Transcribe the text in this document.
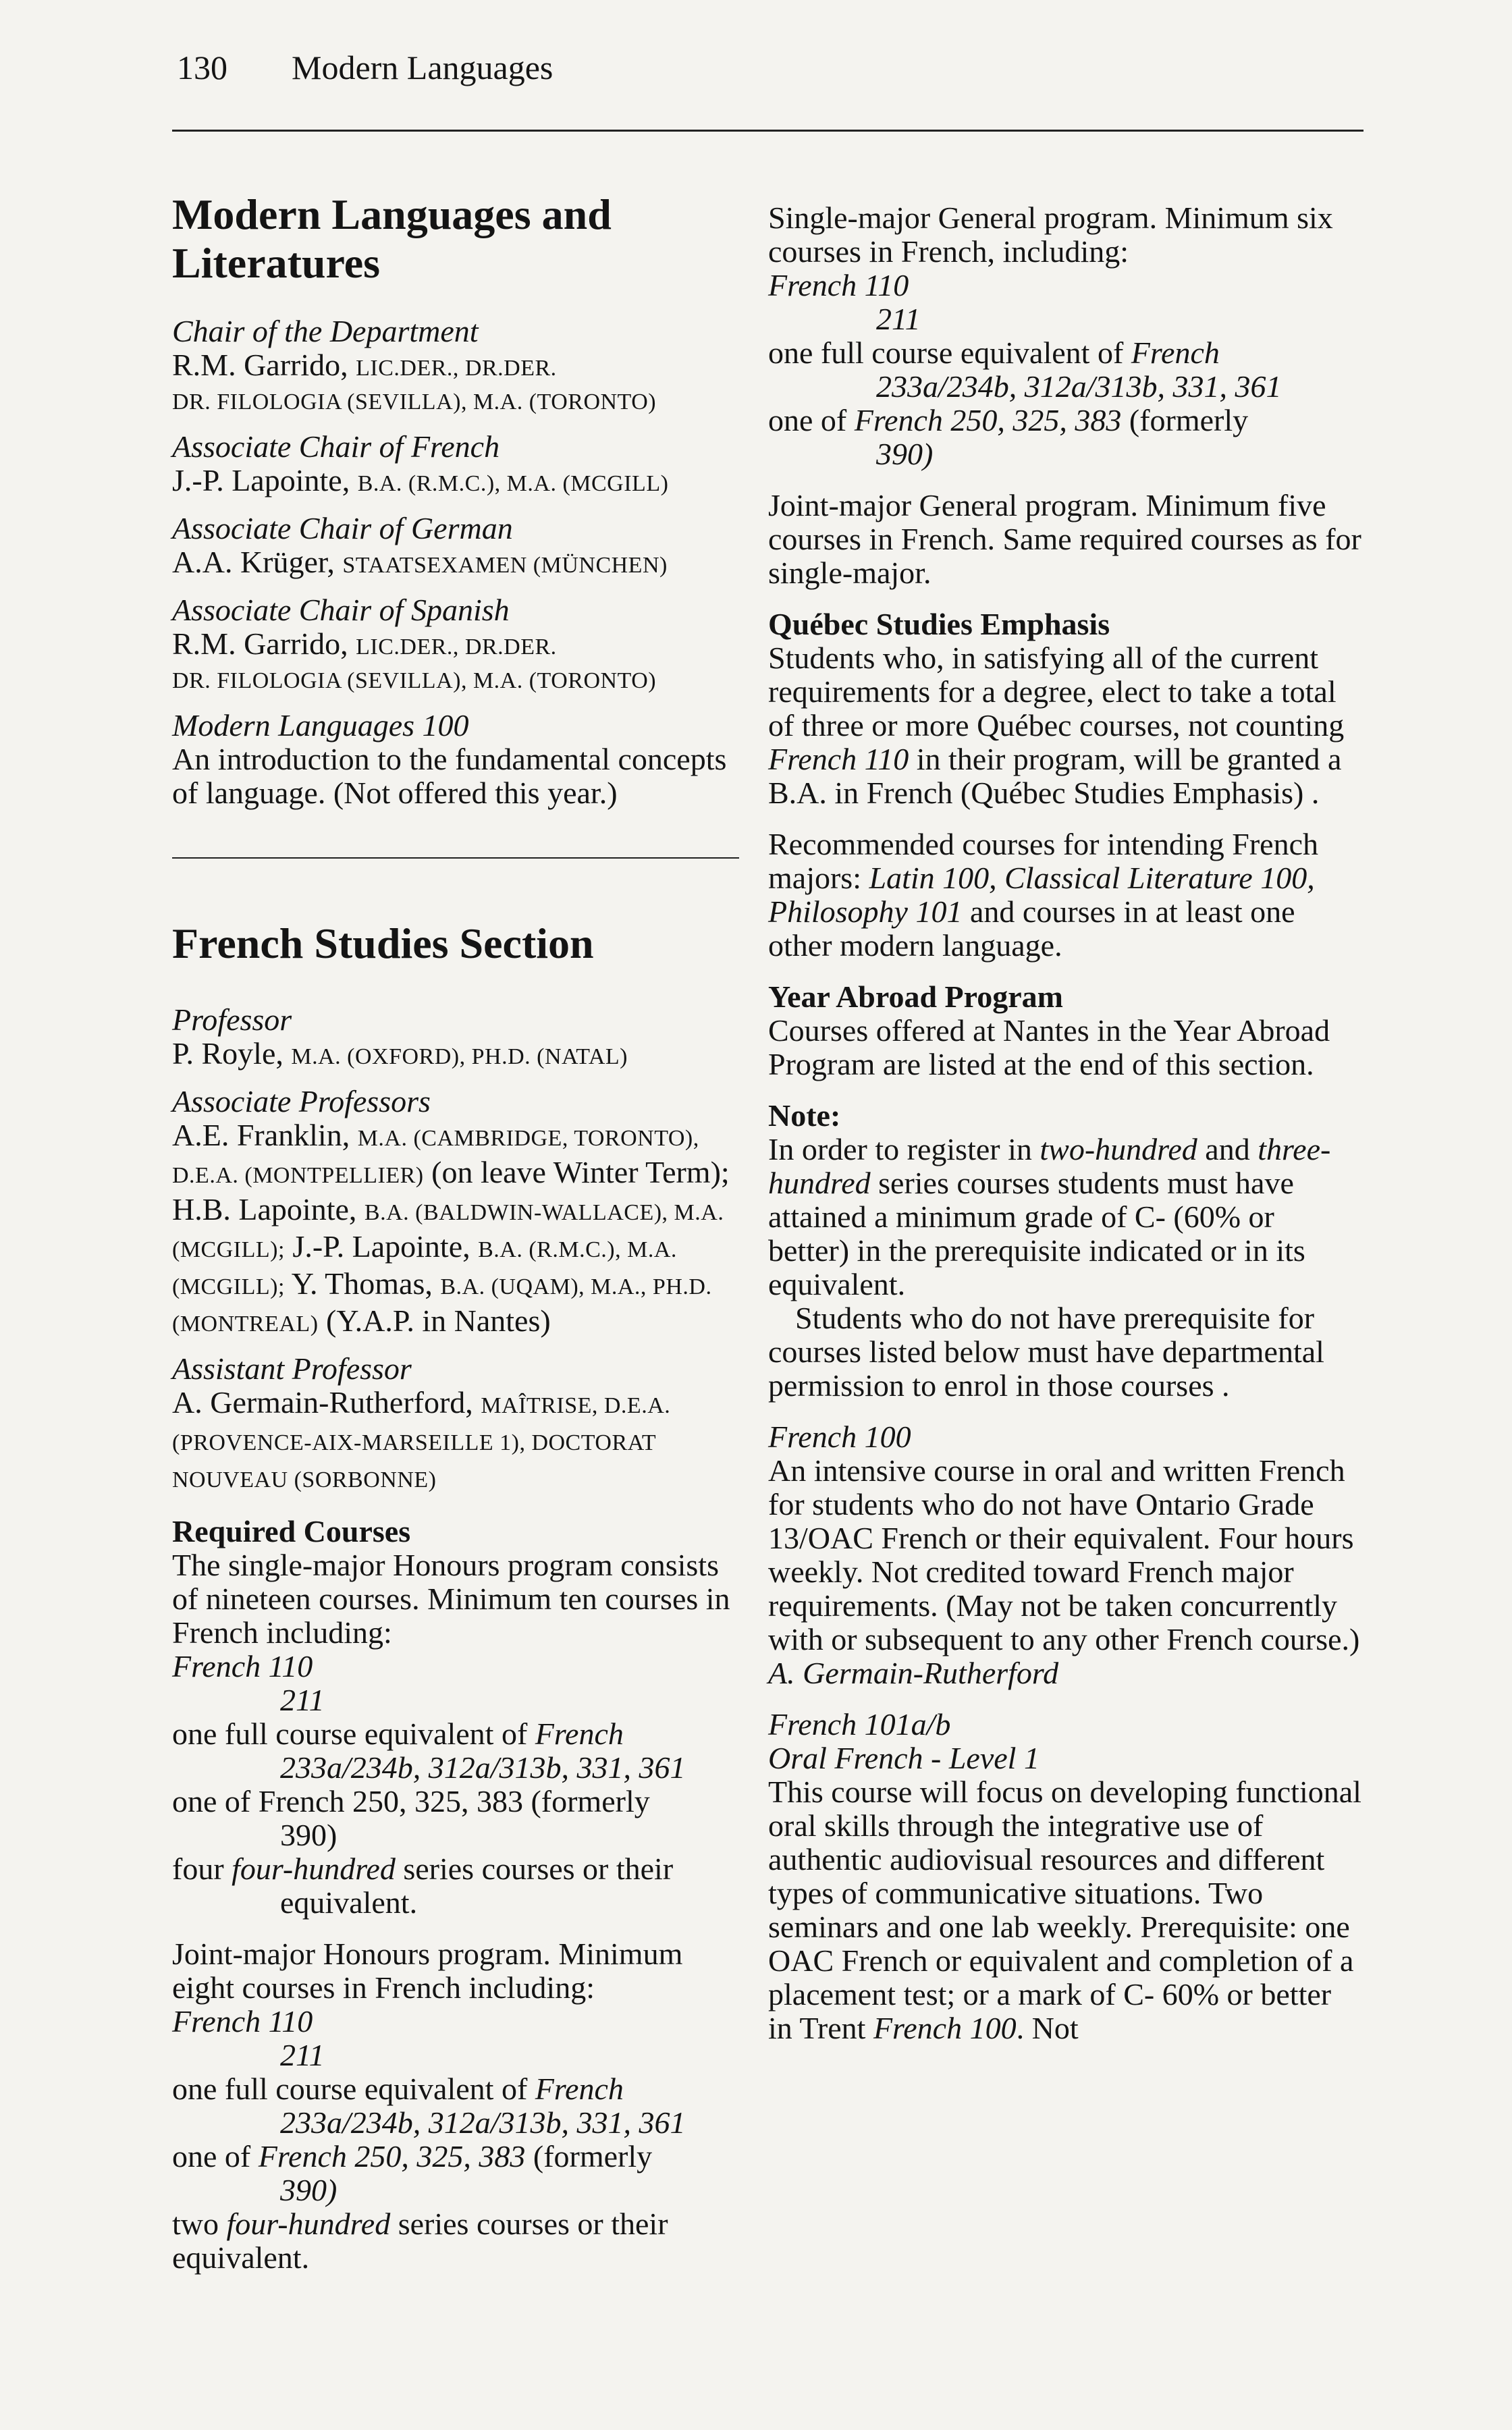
130 Modern Languages
Modern Languages and Literatures
Chair of the Department
R.M. Garrido, LIC.DER., DR.DER.
DR. FILOLOGIA (SEVILLA), M.A. (TORONTO)
Associate Chair of French
J.-P. Lapointe, B.A. (R.M.C.), M.A. (MCGILL)
Associate Chair of German
A.A. Krüger, STAATSEXAMEN (MÜNCHEN)
Associate Chair of Spanish
R.M. Garrido, LIC.DER., DR.DER.
DR. FILOLOGIA (SEVILLA), M.A. (TORONTO)
Modern Languages 100

An introduction to the fundamental concepts of language. (Not offered this year.)

French Studies Section
Professor
P. Royle, M.A. (OXFORD), PH.D. (NATAL)
Associate Professors

A.E. Franklin, M.A. (CAMBRIDGE, TORONTO), D.E.A. (MONTPELLIER) (on leave Winter Term); H.B. Lapointe, B.A. (BALDWIN-WALLACE), M.A. (MCGILL); J.-P. Lapointe, B.A. (R.M.C.), M.A. (MCGILL); Y. Thomas, B.A. (UQAM), M.A., PH.D. (MONTREAL) (Y.A.P. in Nantes)

Assistant Professor

A. Germain-Rutherford, MAÎTRISE, D.E.A. (PROVENCE-AIX-MARSEILLE 1), DOCTORAT NOUVEAU (SORBONNE)

Required Courses

The single-major Honours program consists of nineteen courses. Minimum ten courses in French including:

French 110
211
one full course equivalent of French
233a/234b, 312a/313b, 331, 361
one of French 250, 325, 383 (formerly
390)
four four-hundred series courses or their
equivalent.

Joint-major Honours program. Minimum eight courses in French including:

French 110
211
one full course equivalent of French
233a/234b, 312a/313b, 331, 361
one of French 250, 325, 383 (formerly
390)

two four-hundred series courses or their equivalent.

Single-major General program. Minimum six courses in French, including:

French 110
211
one full course equivalent of French
233a/234b, 312a/313b, 331, 361
one of French 250, 325, 383 (formerly
390)

Joint-major General program. Minimum five courses in French. Same required courses as for single-major.

Québec Studies Emphasis

Students who, in satisfying all of the current requirements for a degree, elect to take a total of three or more Québec courses, not counting French 110 in their program, will be granted a B.A. in French (Québec Studies Emphasis) .

Recommended courses for intending French majors: Latin 100, Classical Literature 100, Philosophy 101 and courses in at least one other modern language.

Year Abroad Program

Courses offered at Nantes in the Year Abroad Program are listed at the end of this section.

Note:

In order to register in two-hundred and three-hundred series courses students must have attained a minimum grade of C- (60% or better) in the prerequisite indicated or in its equivalent.

Students who do not have prerequisite for courses listed below must have departmental permission to enrol in those courses .

French 100

An intensive course in oral and written French for students who do not have Ontario Grade 13/OAC French or their equivalent. Four hours weekly. Not credited toward French major requirements. (May not be taken concurrently with or subsequent to any other French course.)

A. Germain-Rutherford
French 101a/b
Oral French - Level 1

This course will focus on developing functional oral skills through the integrative use of authentic audiovisual resources and different types of communicative situations. Two seminars and one lab weekly. Prerequisite: one OAC French or equivalent and completion of a placement test; or a mark of C- 60% or better in Trent French 100. Not
